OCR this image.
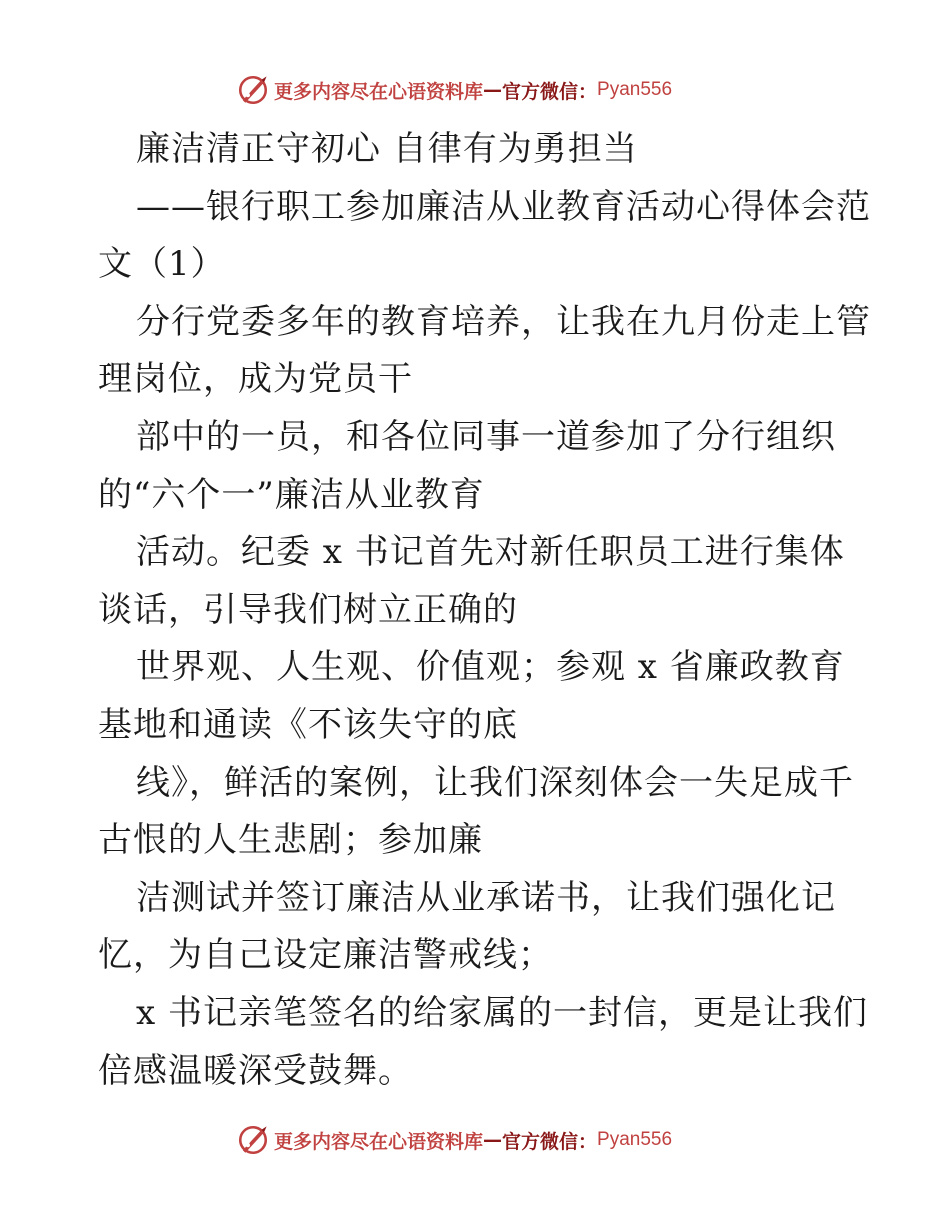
更多内容尽在心语资料库 — 官方微信： Pyan556
廉洁清正守初心 自律有为勇担当
——银行职工参加廉洁从业教育活动心得体会范
文（1）
分行党委多年的教育培养，让我在九月份走上管
理岗位，成为党员干
部中的一员，和各位同事一道参加了分行组织
的“六个一”廉洁从业教育
活动。纪委 x 书记首先对新任职员工进行集体
谈话，引导我们树立正确的
世界观、人生观、价值观；参观 x 省廉政教育
基地和通读《不该失守的底
线》，鲜活的案例，让我们深刻体会一失足成千
古恨的人生悲剧；参加廉
洁测试并签订廉洁从业承诺书，让我们强化记
忆，为自己设定廉洁警戒线；
x 书记亲笔签名的给家属的一封信，更是让我们
倍感温暖深受鼓舞。
更多内容尽在心语资料库 — 官方微信： Pyan556
